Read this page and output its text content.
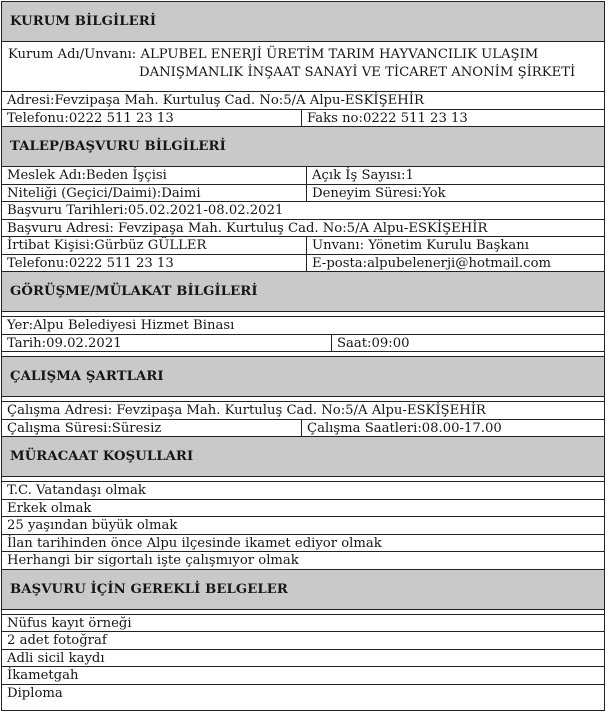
KURUM BİLGİLERİ
Kurum Adı/Unvanı: ALPUBEL ENERJİ ÜRETİM TARIM HAYVANCILIK ULAŞIM
DANIŞMANLIK İNŞAAT SANAYİ VE TİCARET ANONİM ŞİRKETİ
Adresi:Fevzipaşa Mah. Kurtuluş Cad. No:5/A Alpu-ESKİŞEHİR
Telefonu:0222 511 23 13	Faks no:0222 511 23 13
TALEP/BAŞVURU BİLGİLERİ
Meslek Adı:Beden İşçisi	Açık İş Sayısı:1
Niteliği (Geçici/Daimi):Daimi	Deneyim Süresi:Yok
Başvuru Tarihleri:05.02.2021-08.02.2021
Başvuru Adresi: Fevzipaşa Mah. Kurtuluş Cad. No:5/A Alpu-ESKİŞEHİR
İrtibat Kişisi:Gürbüz GÜLLER	Unvanı: Yönetim Kurulu Başkanı
Telefonu:0222 511 23 13	E-posta:alpubelenerji@hotmail.com
GÖRÜŞME/MÜLAKAT BİLGİLERİ
Yer:Alpu Belediyesi Hizmet Binası
Tarih:09.02.2021	Saat:09:00
ÇALIŞMA ŞARTLARI
Çalışma Adresi: Fevzipaşa Mah. Kurtuluş Cad. No:5/A Alpu-ESKİŞEHİR
Çalışma Süresi:Süresiz	Çalışma Saatleri:08.00-17.00
MÜRACAAT KOŞULLARI
T.C. Vatandaşı olmak
Erkek olmak
25 yaşından büyük olmak
İlan tarihinden önce Alpu ilçesinde ikamet ediyor olmak
Herhangi bir sigortalı işte çalışmıyor olmak
BAŞVURU İÇİN GEREKLİ BELGELER
Nüfus kayıt örneği
2 adet fotoğraf
Adli sicil kaydı
İkametgah
Diploma
